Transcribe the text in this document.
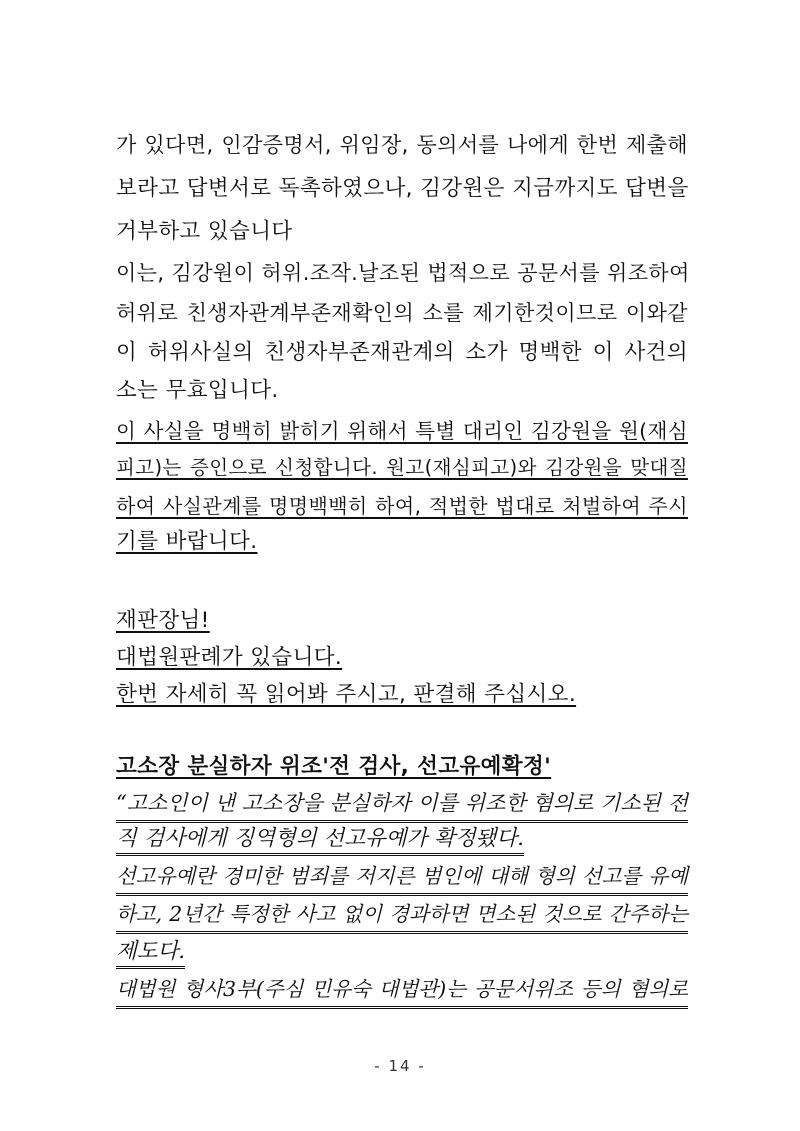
가 있다면, 인감증명서, 위임장, 동의서를 나에게 한번 제출해
보라고 답변서로 독촉하였으나, 김강원은 지금까지도 답변을
거부하고 있습니다
이는, 김강원이 허위.조작.날조된 법적으로 공문서를 위조하여
허위로 친생자관계부존재확인의 소를 제기한것이므로 이와같
이 허위사실의 친생자부존재관계의 소가 명백한 이 사건의
소는 무효입니다.
이 사실을 명백히 밝히기 위해서 특별 대리인 김강원을 원(재심
피고)는 증인으로 신청합니다. 원고(재심피고)와 김강원을 맞대질
하여 사실관계를 명명백백히 하여, 적법한 법대로 처벌하여 주시
기를 바랍니다.
재판장님!
대법원판례가 있습니다.
한번 자세히 꼭 읽어봐 주시고, 판결해 주십시오.
고소장 분실하자 위조'전 검사, 선고유예확정'
“고소인이 낸 고소장을 분실하자 이를 위조한 혐의로 기소된 전
직 검사에게 징역형의 선고유예가 확정됐다.
선고유예란 경미한 범죄를 저지른 범인에 대해 형의 선고를 유예
하고, 2년간 특정한 사고 없이 경과하면 면소된 것으로 간주하는
제도다.
대법원 형사3부(주심 민유숙 대법관)는 공문서위조 등의 혐의로
- 14 -
